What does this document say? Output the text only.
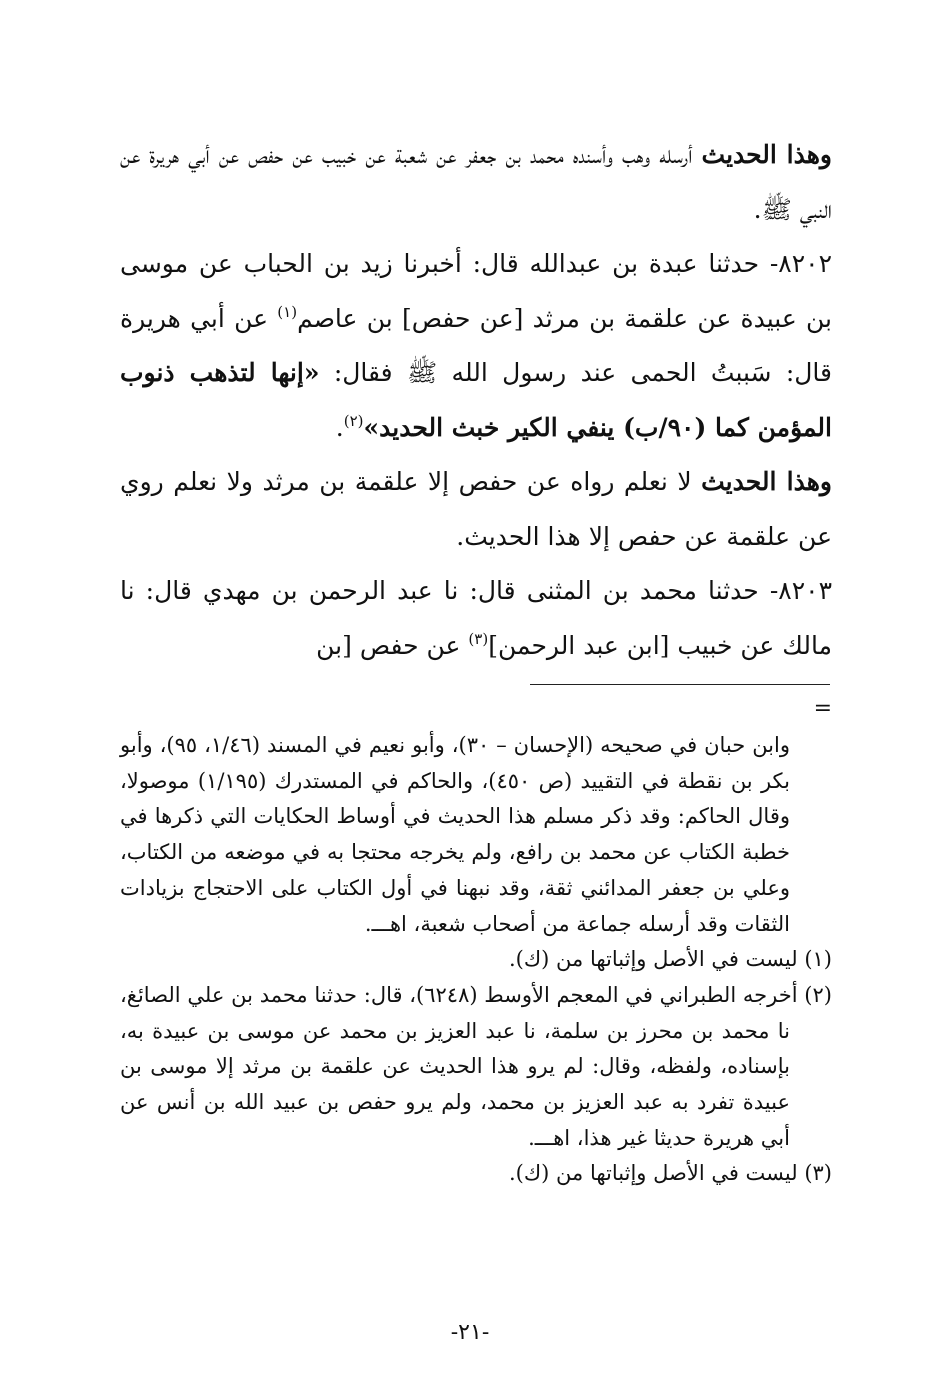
وهذا الحديث أرسله وهب وأسنده محمد بن جعفر عن شعبة عن خبيب عن حفص عن أبي هريرة عن النبي ﷺ.

٨٢٠٢- حدثنا عبدة بن عبدالله قال: أخبرنا زيد بن الحباب عن موسى بن عبيدة عن علقمة بن مرثد [عن حفص] بن عاصم$^{(١)}$ عن أبي هريرة قال: سَببتُ الحمى عند رسول الله ﷺ فقال: «إنها لتذهب ذنوب المؤمن كما (٩٠/ب) ينفي الكير خبث الحديد»$^{(٢)}$.

وهذا الحديث لا نعلم رواه عن حفص إلا علقمة بن مرثد ولا نعلم روي عن علقمة عن حفص إلا هذا الحديث.

٨٢٠٣- حدثنا محمد بن المثنى قال: نا عبد الرحمن بن مهدي قال: نا مالك عن خبيب [ابن عبد الرحمن]$^{(٣)}$ عن حفص [بن

=

وابن حبان في صحيحه (الإحسان – ٣٠)، وأبو نعيم في المسند (١/٤٦، ٩٥)، وأبو بكر بن نقطة في التقييد (ص ٤٥٠)، والحاكم في المستدرك (١/١٩٥) موصولا، وقال الحاكم: وقد ذكر مسلم هذا الحديث في أوساط الحكايات التي ذكرها في خطبة الكتاب عن محمد بن رافع، ولم يخرجه محتجا به في موضعه من الكتاب، وعلي بن جعفر المدائني ثقة، وقد نبهنا في أول الكتاب على الاحتجاج بزيادات الثقات وقد أرسله جماعة من أصحاب شعبة، اهـــ.

(١) ليست في الأصل وإثباتها من (ك).

(٢) أخرجه الطبراني في المعجم الأوسط (٦٢٤٨)، قال: حدثنا محمد بن علي الصائغ، نا محمد بن محرز بن سلمة، نا عبد العزيز بن محمد عن موسى بن عبيدة به، بإسناده، ولفظه، وقال: لم يرو هذا الحديث عن علقمة بن مرثد إلا موسى بن عبيدة تفرد به عبد العزيز بن محمد، ولم يرو حفص بن عبيد الله بن أنس عن أبي هريرة حديثا غير هذا، اهـــ.

(٣) ليست في الأصل وإثباتها من (ك).

-٢١-
